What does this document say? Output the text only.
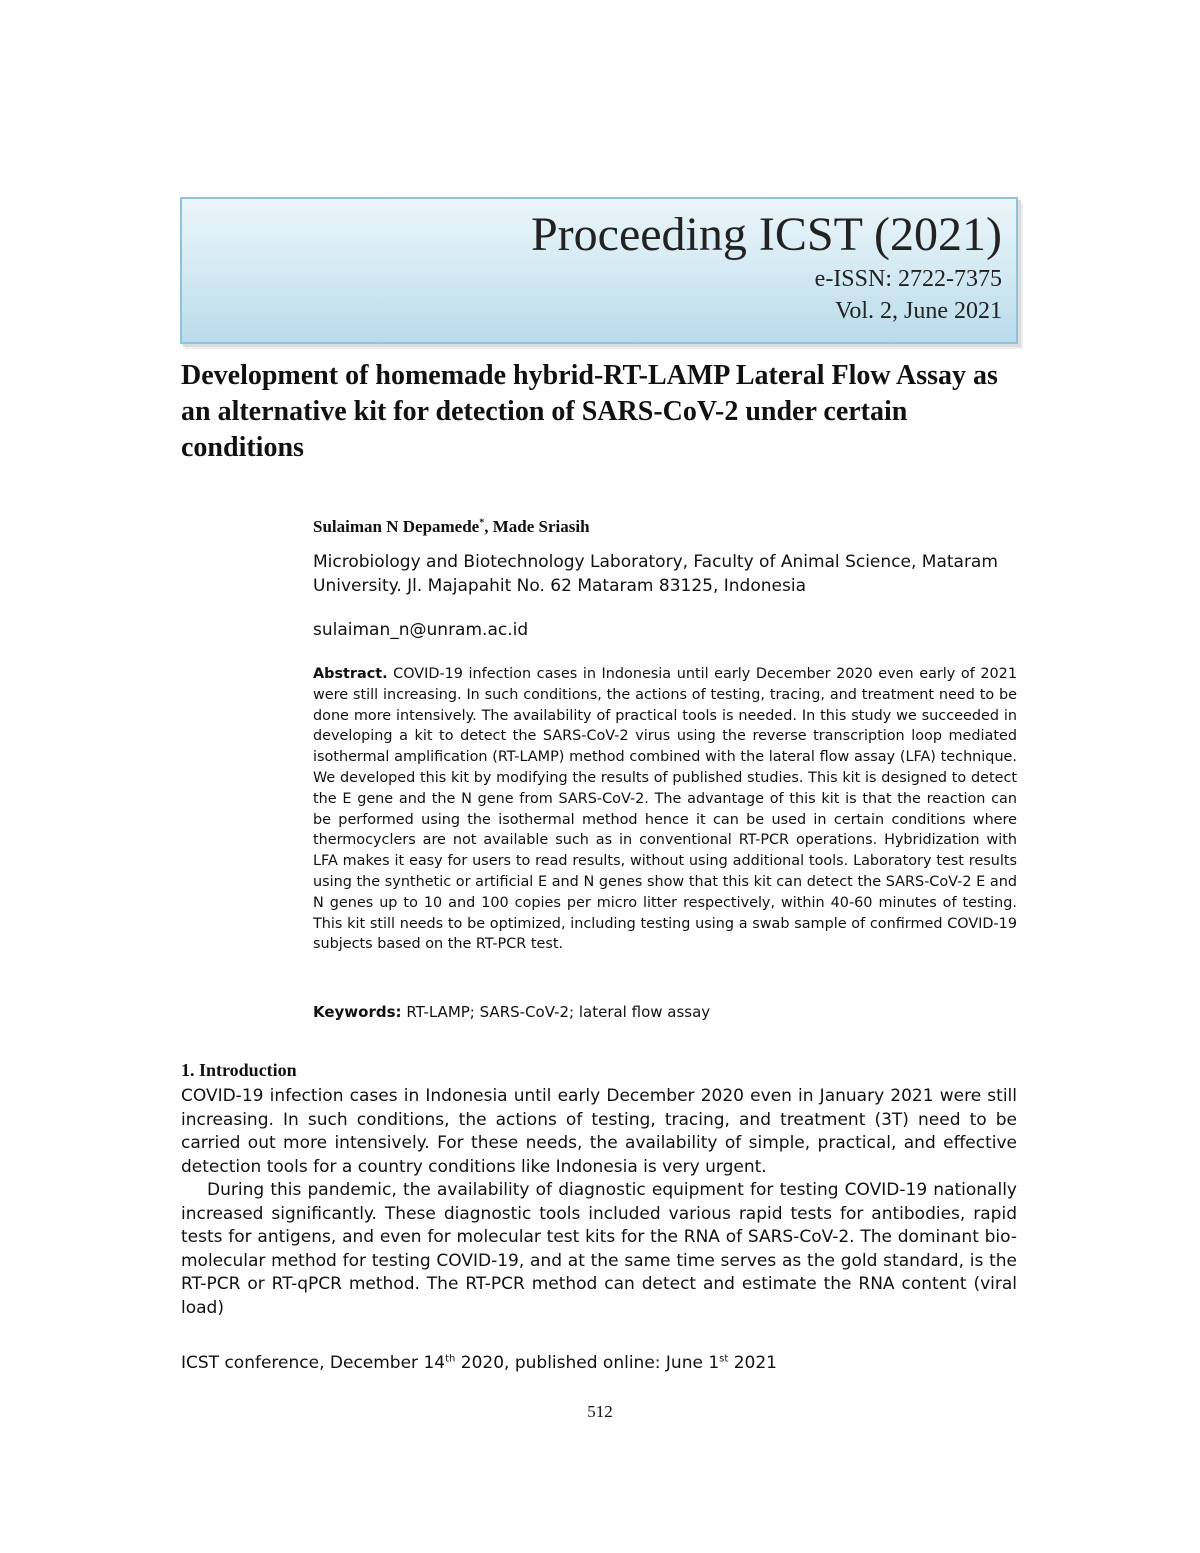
Proceeding ICST (2021)
e-ISSN: 2722-7375
Vol. 2, June 2021
Development of homemade hybrid-RT-LAMP Lateral Flow Assay as an alternative kit for detection of SARS-CoV-2 under certain conditions
Sulaiman N Depamede*, Made Sriasih
Microbiology and Biotechnology Laboratory, Faculty of Animal Science, Mataram University. Jl. Majapahit No. 62 Mataram 83125, Indonesia
sulaiman_n@unram.ac.id

Abstract. COVID-19 infection cases in Indonesia until early December 2020 even early of 2021 were still increasing. In such conditions, the actions of testing, tracing, and treatment need to be done more intensively. The availability of practical tools is needed. In this study we succeeded in developing a kit to detect the SARS-CoV-2 virus using the reverse transcription loop mediated isothermal amplification (RT-LAMP) method combined with the lateral flow assay (LFA) technique. We developed this kit by modifying the results of published studies. This kit is designed to detect the E gene and the N gene from SARS-CoV-2. The advantage of this kit is that the reaction can be performed using the isothermal method hence it can be used in certain conditions where thermocyclers are not available such as in conventional RT-PCR operations. Hybridization with LFA makes it easy for users to read results, without using additional tools. Laboratory test results using the synthetic or artificial E and N genes show that this kit can detect the SARS-CoV-2 E and N genes up to 10 and 100 copies per micro litter respectively, within 40-60 minutes of testing. This kit still needs to be optimized, including testing using a swab sample of confirmed COVID-19 subjects based on the RT-PCR test.

Keywords: RT-LAMP; SARS-CoV-2; lateral flow assay
1. Introduction

COVID-19 infection cases in Indonesia until early December 2020 even in January 2021 were still increasing. In such conditions, the actions of testing, tracing, and treatment (3T) need to be carried out more intensively. For these needs, the availability of simple, practical, and effective detection tools for a country conditions like Indonesia is very urgent.

During this pandemic, the availability of diagnostic equipment for testing COVID-19 nationally increased significantly. These diagnostic tools included various rapid tests for antibodies, rapid tests for antigens, and even for molecular test kits for the RNA of SARS-CoV-2. The dominant bio-molecular method for testing COVID-19, and at the same time serves as the gold standard, is the RT-PCR or RT-qPCR method. The RT-PCR method can detect and estimate the RNA content (viral load)

ICST conference, December 14th 2020, published online: June 1st 2021
512
